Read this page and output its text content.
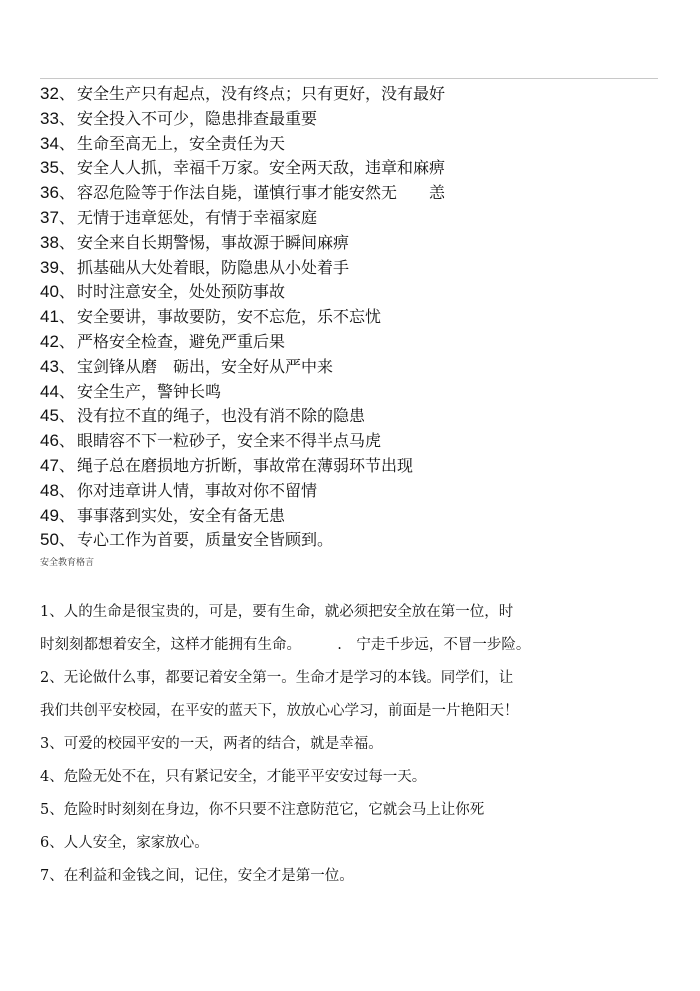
32、 安全生产只有起点，没有终点；只有更好，没有最好
33、 安全投入不可少，隐患排查最重要
34、 生命至高无上，安全责任为天
35、 安全人人抓，幸福千万家。安全两天敌，违章和麻痹
36、 容忍危险等于作法自毙，谨慎行事才能安然无　　恙
37、 无情于违章惩处，有情于幸福家庭
38、 安全来自长期警惕，事故源于瞬间麻痹
39、 抓基础从大处着眼，防隐患从小处着手
40、 时时注意安全，处处预防事故
41、 安全要讲，事故要防，安不忘危，乐不忘忧
42、 严格安全检查，避免严重后果
43、 宝剑锋从磨　砺出，安全好从严中来
44、 安全生产，警钟长鸣
45、 没有拉不直的绳子，也没有消不除的隐患
46、 眼睛容不下一粒砂子，安全来不得半点马虎
47、 绳子总在磨损地方折断，事故常在薄弱环节出现
48、 你对违章讲人情，事故对你不留情
49、 事事落到实处，安全有备无患
50、 专心工作为首要，质量安全皆顾到。
安全教育格言
1、人的生命是很宝贵的，可是，要有生命，就必须把安全放在第一位，时
时刻刻都想着安全，这样才能拥有生命。　　　.　宁走千步远，不冒一步险。
2、无论做什么事，都要记着安全第一。生命才是学习的本钱。同学们，让
我们共创平安校园，在平安的蓝天下，放放心心学习，前面是一片艳阳天！
3、可爱的校园平安的一天，两者的结合，就是幸福。
4、危险无处不在，只有紧记安全，才能平平安安过每一天。
5、危险时时刻刻在身边，你不只要不注意防范它，它就会马上让你死
6、人人安全，家家放心。
7、在利益和金钱之间，记住，安全才是第一位。
